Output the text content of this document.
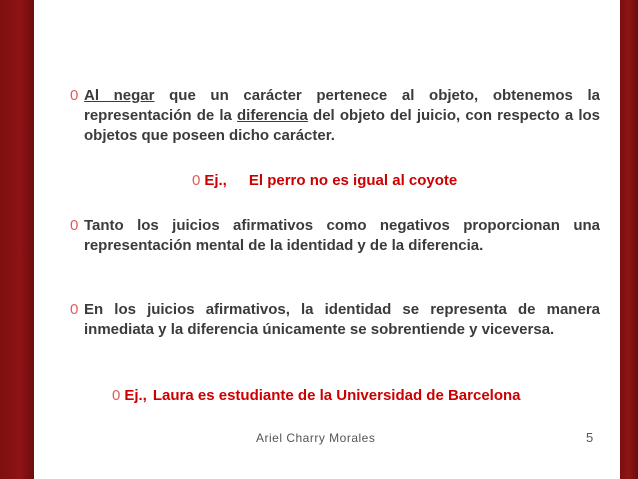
0 Al negar que un carácter pertenece al objeto, obtenemos la representación de la diferencia del objeto del juicio, con respecto a los objetos que poseen dicho carácter.
0 Ej., El perro no es igual al coyote
0 Tanto los juicios afirmativos como negativos proporcionan una representación mental de la identidad y de la diferencia.
0 En los juicios afirmativos, la identidad se representa de manera inmediata y la diferencia únicamente se sobrentiende y viceversa.
0 Ej., Laura es estudiante de la Universidad de Barcelona
Ariel Charry Morales	5
